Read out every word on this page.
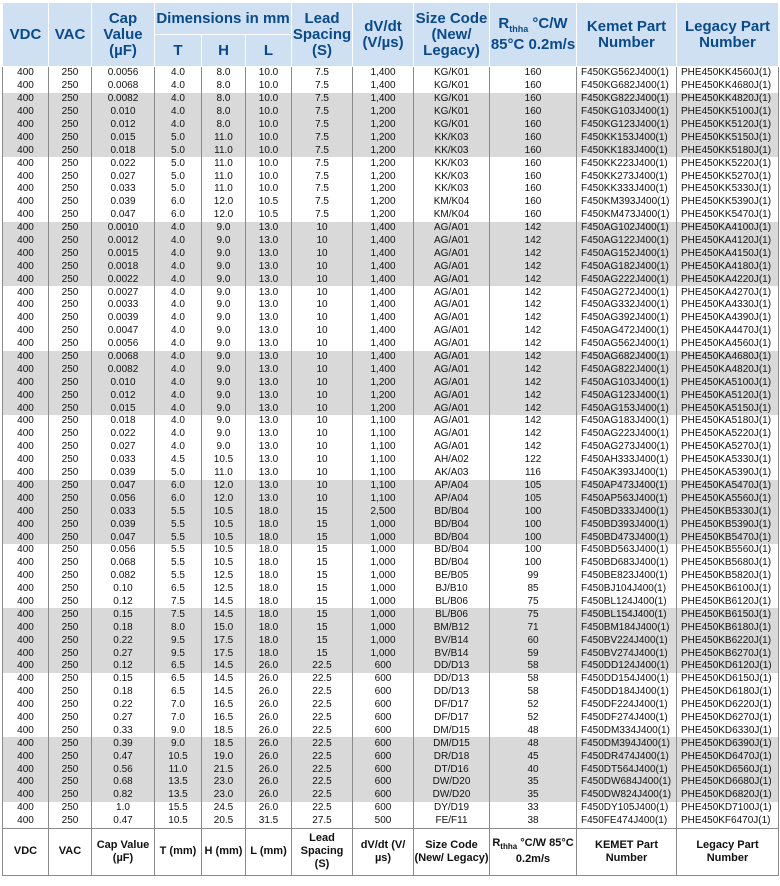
VDC	VAC	Cap Value (µF)	Dimensions in mm			Lead Spacing (S)	dV/dt (V/µs)	Size Code (New/ Legacy)	$R_{thha}$ °C/W 85°C 0.2m/s	Kemet Part Number	Legacy Part Number
			T	H	L						
400	250	0.0056	4.0	8.0	10.0	7.5	1,400	KG/K01	160	F450KG562J400(1)	PHE450KK4560J(1)
400	250	0.0068	4.0	8.0	10.0	7.5	1,400	KG/K01	160	F450KG682J400(1)	PHE450KK4680J(1)
400	250	0.0082	4.0	8.0	10.0	7.5	1,400	KG/K01	160	F450KG822J400(1)	PHE450KK4820J(1)
400	250	0.010	4.0	8.0	10.0	7.5	1,200	KG/K01	160	F450KG103J400(1)	PHE450KK5100J(1)
400	250	0.012	4.0	8.0	10.0	7.5	1,200	KG/K01	160	F450KG123J400(1)	PHE450KK5120J(1)
400	250	0.015	5.0	11.0	10.0	7.5	1,200	KK/K03	160	F450KK153J400(1)	PHE450KK5150J(1)
400	250	0.018	5.0	11.0	10.0	7.5	1,200	KK/K03	160	F450KK183J400(1)	PHE450KK5180J(1)
400	250	0.022	5.0	11.0	10.0	7.5	1,200	KK/K03	160	F450KK223J400(1)	PHE450KK5220J(1)
400	250	0.027	5.0	11.0	10.0	7.5	1,200	KK/K03	160	F450KK273J400(1)	PHE450KK5270J(1)
400	250	0.033	5.0	11.0	10.0	7.5	1,200	KK/K03	160	F450KK333J400(1)	PHE450KK5330J(1)
400	250	0.039	6.0	12.0	10.5	7.5	1,200	KM/K04	160	F450KM393J400(1)	PHE450KK5390J(1)
400	250	0.047	6.0	12.0	10.5	7.5	1,200	KM/K04	160	F450KM473J400(1)	PHE450KK5470J(1)
400	250	0.0010	4.0	9.0	13.0	10	1,400	AG/A01	142	F450AG102J400(1)	PHE450KA4100J(1)
400	250	0.0012	4.0	9.0	13.0	10	1,400	AG/A01	142	F450AG122J400(1)	PHE450KA4120J(1)
400	250	0.0015	4.0	9.0	13.0	10	1,400	AG/A01	142	F450AG152J400(1)	PHE450KA4150J(1)
400	250	0.0018	4.0	9.0	13.0	10	1,400	AG/A01	142	F450AG182J400(1)	PHE450KA4180J(1)
400	250	0.0022	4.0	9.0	13.0	10	1,400	AG/A01	142	F450AG222J400(1)	PHE450KA4220J(1)
400	250	0.0027	4.0	9.0	13.0	10	1,400	AG/A01	142	F450AG272J400(1)	PHE450KA4270J(1)
400	250	0.0033	4.0	9.0	13.0	10	1,400	AG/A01	142	F450AG332J400(1)	PHE450KA4330J(1)
400	250	0.0039	4.0	9.0	13.0	10	1,400	AG/A01	142	F450AG392J400(1)	PHE450KA4390J(1)
400	250	0.0047	4.0	9.0	13.0	10	1,400	AG/A01	142	F450AG472J400(1)	PHE450KA4470J(1)
400	250	0.0056	4.0	9.0	13.0	10	1,400	AG/A01	142	F450AG562J400(1)	PHE450KA4560J(1)
400	250	0.0068	4.0	9.0	13.0	10	1,400	AG/A01	142	F450AG682J400(1)	PHE450KA4680J(1)
400	250	0.0082	4.0	9.0	13.0	10	1,400	AG/A01	142	F450AG822J400(1)	PHE450KA4820J(1)
400	250	0.010	4.0	9.0	13.0	10	1,200	AG/A01	142	F450AG103J400(1)	PHE450KA5100J(1)
400	250	0.012	4.0	9.0	13.0	10	1,200	AG/A01	142	F450AG123J400(1)	PHE450KA5120J(1)
400	250	0.015	4.0	9.0	13.0	10	1,200	AG/A01	142	F450AG153J400(1)	PHE450KA5150J(1)
400	250	0.018	4.0	9.0	13.0	10	1,100	AG/A01	142	F450AG183J400(1)	PHE450KA5180J(1)
400	250	0.022	4.0	9.0	13.0	10	1,100	AG/A01	142	F450AG223J400(1)	PHE450KA5220J(1)
400	250	0.027	4.0	9.0	13.0	10	1,100	AG/A01	142	F450AG273J400(1)	PHE450KA5270J(1)
400	250	0.033	4.5	10.5	13.0	10	1,100	AH/A02	122	F450AH333J400(1)	PHE450KA5330J(1)
400	250	0.039	5.0	11.0	13.0	10	1,100	AK/A03	116	F450AK393J400(1)	PHE450KA5390J(1)
400	250	0.047	6.0	12.0	13.0	10	1,100	AP/A04	105	F450AP473J400(1)	PHE450KA5470J(1)
400	250	0.056	6.0	12.0	13.0	10	1,100	AP/A04	105	F450AP563J400(1)	PHE450KA5560J(1)
400	250	0.033	5.5	10.5	18.0	15	2,500	BD/B04	100	F450BD333J400(1)	PHE450KB5330J(1)
400	250	0.039	5.5	10.5	18.0	15	1,000	BD/B04	100	F450BD393J400(1)	PHE450KB5390J(1)
400	250	0.047	5.5	10.5	18.0	15	1,000	BD/B04	100	F450BD473J400(1)	PHE450KB5470J(1)
400	250	0.056	5.5	10.5	18.0	15	1,000	BD/B04	100	F450BD563J400(1)	PHE450KB5560J(1)
400	250	0.068	5.5	10.5	18.0	15	1,000	BD/B04	100	F450BD683J400(1)	PHE450KB5680J(1)
400	250	0.082	5.5	12.5	18.0	15	1,000	BE/B05	99	F450BE823J400(1)	PHE450KB5820J(1)
400	250	0.10	6.5	12.5	18.0	15	1,000	BJ/B10	85	F450BJ104J400(1)	PHE450KB6100J(1)
400	250	0.12	7.5	14.5	18.0	15	1,000	BL/B06	75	F450BL124J400(1)	PHE450KB6120J(1)
400	250	0.15	7.5	14.5	18.0	15	1,000	BL/B06	75	F450BL154J400(1)	PHE450KB6150J(1)
400	250	0.18	8.0	15.0	18.0	15	1,000	BM/B12	71	F450BM184J400(1)	PHE450KB6180J(1)
400	250	0.22	9.5	17.5	18.0	15	1,000	BV/B14	60	F450BV224J400(1)	PHE450KB6220J(1)
400	250	0.27	9.5	17.5	18.0	15	1,000	BV/B14	59	F450BV274J400(1)	PHE450KB6270J(1)
400	250	0.12	6.5	14.5	26.0	22.5	600	DD/D13	58	F450DD124J400(1)	PHE450KD6120J(1)
400	250	0.15	6.5	14.5	26.0	22.5	600	DD/D13	58	F450DD154J400(1)	PHE450KD6150J(1)
400	250	0.18	6.5	14.5	26.0	22.5	600	DD/D13	58	F450DD184J400(1)	PHE450KD6180J(1)
400	250	0.22	7.0	16.5	26.0	22.5	600	DF/D17	52	F450DF224J400(1)	PHE450KD6220J(1)
400	250	0.27	7.0	16.5	26.0	22.5	600	DF/D17	52	F450DF274J400(1)	PHE450KD6270J(1)
400	250	0.33	9.0	18.5	26.0	22.5	600	DM/D15	48	F450DM334J400(1)	PHE450KD6330J(1)
400	250	0.39	9.0	18.5	26.0	22.5	600	DM/D15	48	F450DM394J400(1)	PHE450KD6390J(1)
400	250	0.47	10.5	19.0	26.0	22.5	600	DR/D18	45	F450DR474J400(1)	PHE450KD6470J(1)
400	250	0.56	11.0	21.5	26.0	22.5	600	DT/D16	40	F450DT564J400(1)	PHE450KD6560J(1)
400	250	0.68	13.5	23.0	26.0	22.5	600	DW/D20	35	F450DW684J400(1)	PHE450KD6680J(1)
400	250	0.82	13.5	23.0	26.0	22.5	600	DW/D20	35	F450DW824J400(1)	PHE450KD6820J(1)
400	250	1.0	15.5	24.5	26.0	22.5	600	DY/D19	33	F450DY105J400(1)	PHE450KD7100J(1)
400	250	0.47	10.5	20.5	31.5	27.5	500	FE/F11	38	F450FE474J400(1)	PHE450KF6470J(1)
VDC	VAC	Cap Value (µF)	T (mm)	H (mm)	L (mm)	Lead Spacing (S)	dV/dt (V/ µs)	Size Code (New/ Legacy)	$R_{thha}$ °C/W 85°C 0.2m/s	KEMET Part Number	Legacy Part Number
